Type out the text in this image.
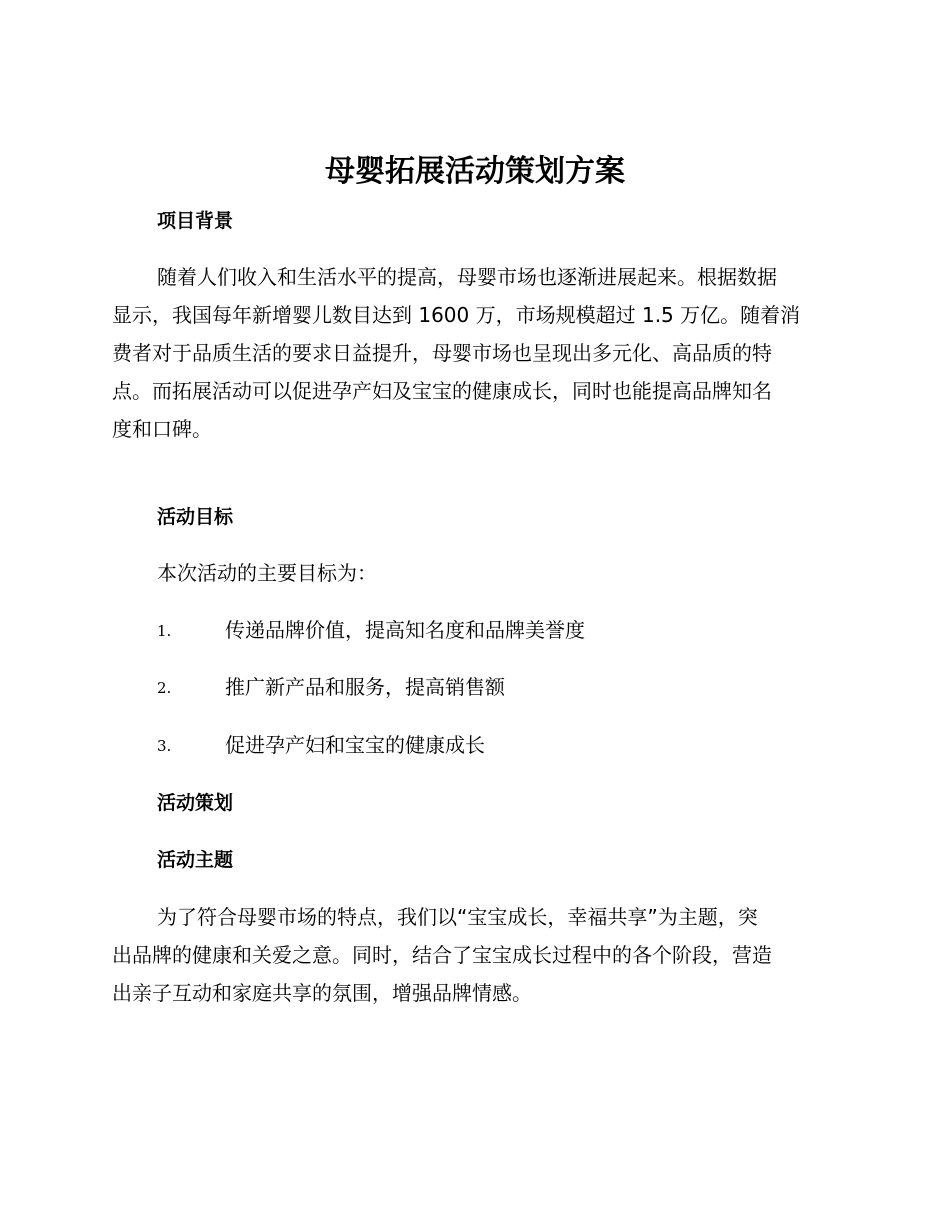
母婴拓展活动策划方案
项目背景
随着人们收入和生活水平的提高，母婴市场也逐渐进展起来。根据数据
显示，我国每年新增婴儿数目达到 1600 万，市场规模超过 1.5 万亿。随着消
费者对于品质生活的要求日益提升，母婴市场也呈现出多元化、高品质的特
点。而拓展活动可以促进孕产妇及宝宝的健康成长，同时也能提高品牌知名
度和口碑。
活动目标

本次活动的主要目标为：

1.	传递品牌价值，提高知名度和品牌美誉度
2.	推广新产品和服务，提高销售额
3.	促进孕产妇和宝宝的健康成长
活动策划
活动主题
为了符合母婴市场的特点，我们以“宝宝成长，幸福共享”为主题，突
出品牌的健康和关爱之意。同时，结合了宝宝成长过程中的各个阶段，营造
出亲子互动和家庭共享的氛围，增强品牌情感。
